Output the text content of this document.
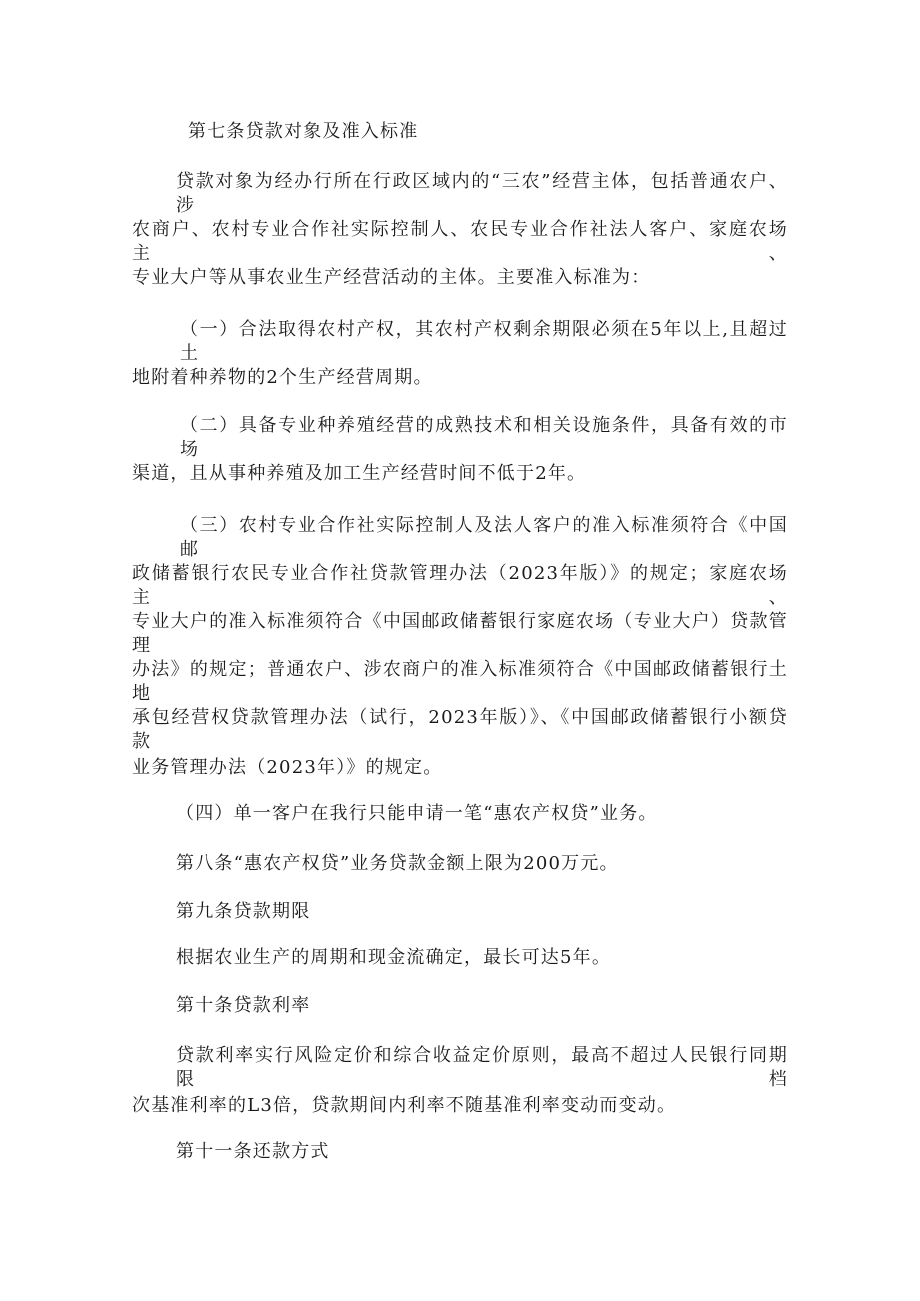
第七条贷款对象及准入标准
贷款对象为经办行所在行政区域内的“三农”经营主体，包括普通农户、涉
农商户、农村专业合作社实际控制人、农民专业合作社法人客户、家庭农场主、
专业大户等从事农业生产经营活动的主体。主要准入标准为：
（一）合法取得农村产权，其农村产权剩余期限必须在5年以上,且超过土
地附着种养物的2个生产经营周期。
（二）具备专业种养殖经营的成熟技术和相关设施条件，具备有效的市场
渠道，且从事种养殖及加工生产经营时间不低于2年。
（三）农村专业合作社实际控制人及法人客户的准入标准须符合《中国邮
政储蓄银行农民专业合作社贷款管理办法（2023年版）》的规定；家庭农场主、
专业大户的准入标准须符合《中国邮政储蓄银行家庭农场（专业大户）贷款管理
办法》的规定；普通农户、涉农商户的准入标准须符合《中国邮政储蓄银行土地
承包经营权贷款管理办法（试行，2023年版）》、《中国邮政储蓄银行小额贷款
业务管理办法（2023年）》的规定。
（四）单一客户在我行只能申请一笔“惠农产权贷”业务。
第八条“惠农产权贷”业务贷款金额上限为200万元。
第九条贷款期限
根据农业生产的周期和现金流确定，最长可达5年。
第十条贷款利率
贷款利率实行风险定价和综合收益定价原则，最高不超过人民银行同期限档
次基准利率的L3倍，贷款期间内利率不随基准利率变动而变动。
第十一条还款方式
